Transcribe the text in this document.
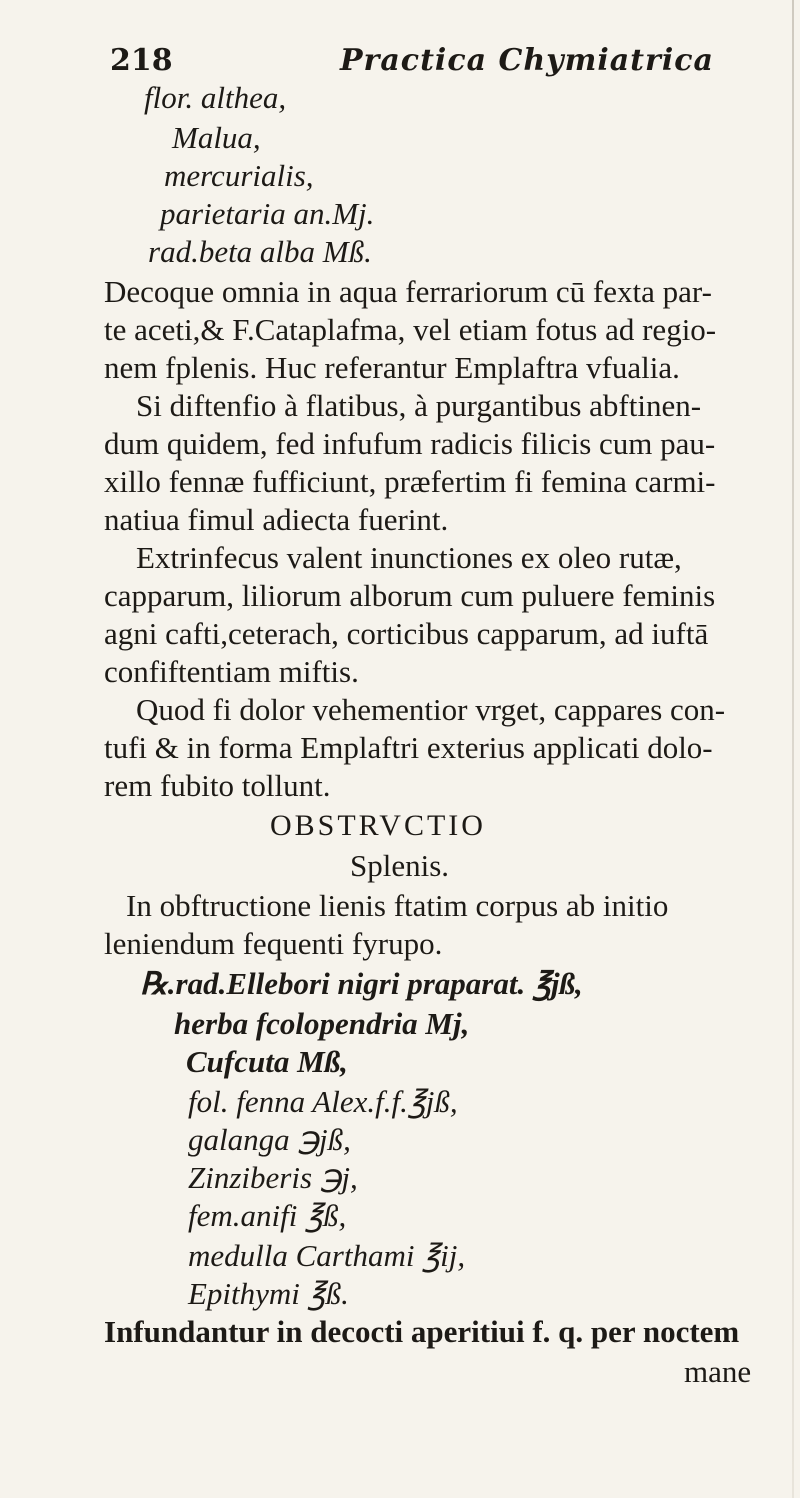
218	Practica Chymiatrica
flor. althea,
Malua,
mercurialis,
parietaria an.Mj.
rad.beta alba Mß.
Decoque omnia in aqua ferrariorum cū fexta par-
te aceti,& F.Cataplafma, vel etiam fotus ad regio-
nem fplenis. Huc referantur Emplaftra vfualia.
Si diftenfio à flatibus, à purgantibus abftinen-
dum quidem, fed infufum radicis filicis cum pau-
xillo fennæ fufficiunt, præfertim fi femina carmi-
natiua fimul adiecta fuerint.
Extrinfecus valent inunctiones ex oleo rutæ,
capparum, liliorum alborum cum puluere feminis
agni cafti,ceterach, corticibus capparum, ad iuftā
confiftentiam miftis.
Quod fi dolor vehementior vrget, cappares con-
tufi & in forma Emplaftri exterius applicati dolo-
rem fubito tollunt.
OBSTRVCTIO
Splenis.
In obftructione lienis ftatim corpus ab initio
leniendum fequenti fyrupo.
℞.rad.Ellebori nigri praparat. ℥jß,
herba fcolopendria Mj,
Cufcuta Mß,
fol. fenna Alex.f.f.℥jß,
galanga ℈jß,
Zinziberis ℈j,
fem.anifi ℥ß,
medulla Carthami ℥ij,
Epithymi ℥ß.
Infundantur in decocti aperitiui f. q. per noctem
mane
